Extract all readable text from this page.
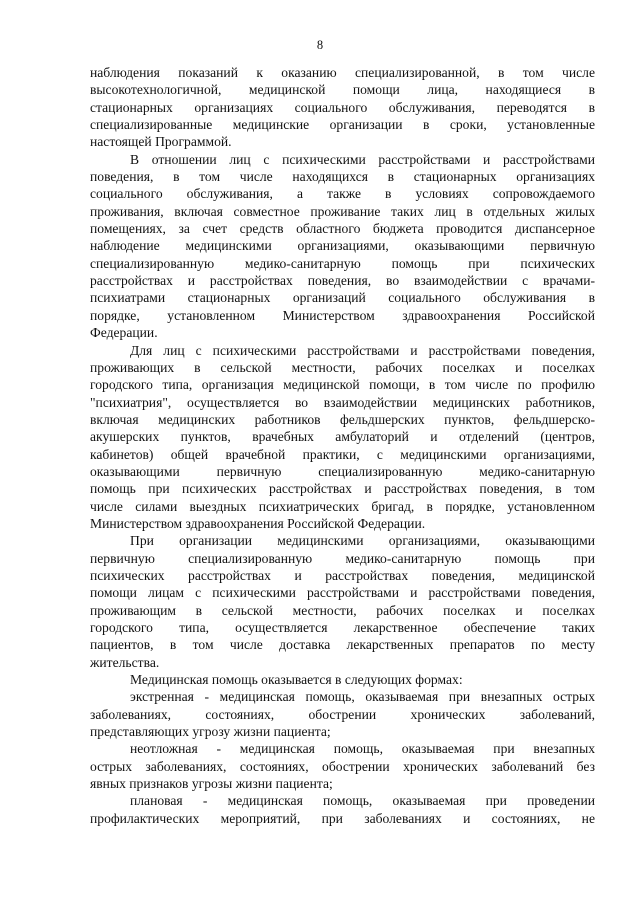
8
наблюдения показаний к оказанию специализированной, в том числе
высокотехнологичной, медицинской помощи лица, находящиеся в
стационарных организациях социального обслуживания, переводятся в
специализированные медицинские организации в сроки, установленные
настоящей Программой.
В отношении лиц с психическими расстройствами и расстройствами
поведения, в том числе находящихся в стационарных организациях
социального обслуживания, а также в условиях сопровождаемого
проживания, включая совместное проживание таких лиц в отдельных жилых
помещениях, за счет средств областного бюджета проводится диспансерное
наблюдение медицинскими организациями, оказывающими первичную
специализированную медико-санитарную помощь при психических
расстройствах и расстройствах поведения, во взаимодействии с врачами-
психиатрами стационарных организаций социального обслуживания в
порядке, установленном Министерством здравоохранения Российской
Федерации.
Для лиц с психическими расстройствами и расстройствами поведения,
проживающих в сельской местности, рабочих поселках и поселках
городского типа, организация медицинской помощи, в том числе по профилю
"психиатрия", осуществляется во взаимодействии медицинских работников,
включая медицинских работников фельдшерских пунктов, фельдшерско-
акушерских пунктов, врачебных амбулаторий и отделений (центров,
кабинетов) общей врачебной практики, с медицинскими организациями,
оказывающими первичную специализированную медико-санитарную
помощь при психических расстройствах и расстройствах поведения, в том
числе силами выездных психиатрических бригад, в порядке, установленном
Министерством здравоохранения Российской Федерации.
При организации медицинскими организациями, оказывающими
первичную специализированную медико-санитарную помощь при
психических расстройствах и расстройствах поведения, медицинской
помощи лицам с психическими расстройствами и расстройствами поведения,
проживающим в сельской местности, рабочих поселках и поселках
городского типа, осуществляется лекарственное обеспечение таких
пациентов, в том числе доставка лекарственных препаратов по месту
жительства.
Медицинская помощь оказывается в следующих формах:
экстренная - медицинская помощь, оказываемая при внезапных острых
заболеваниях, состояниях, обострении хронических заболеваний,
представляющих угрозу жизни пациента;
неотложная - медицинская помощь, оказываемая при внезапных
острых заболеваниях, состояниях, обострении хронических заболеваний без
явных признаков угрозы жизни пациента;
плановая - медицинская помощь, оказываемая при проведении
профилактических мероприятий, при заболеваниях и состояниях, не
